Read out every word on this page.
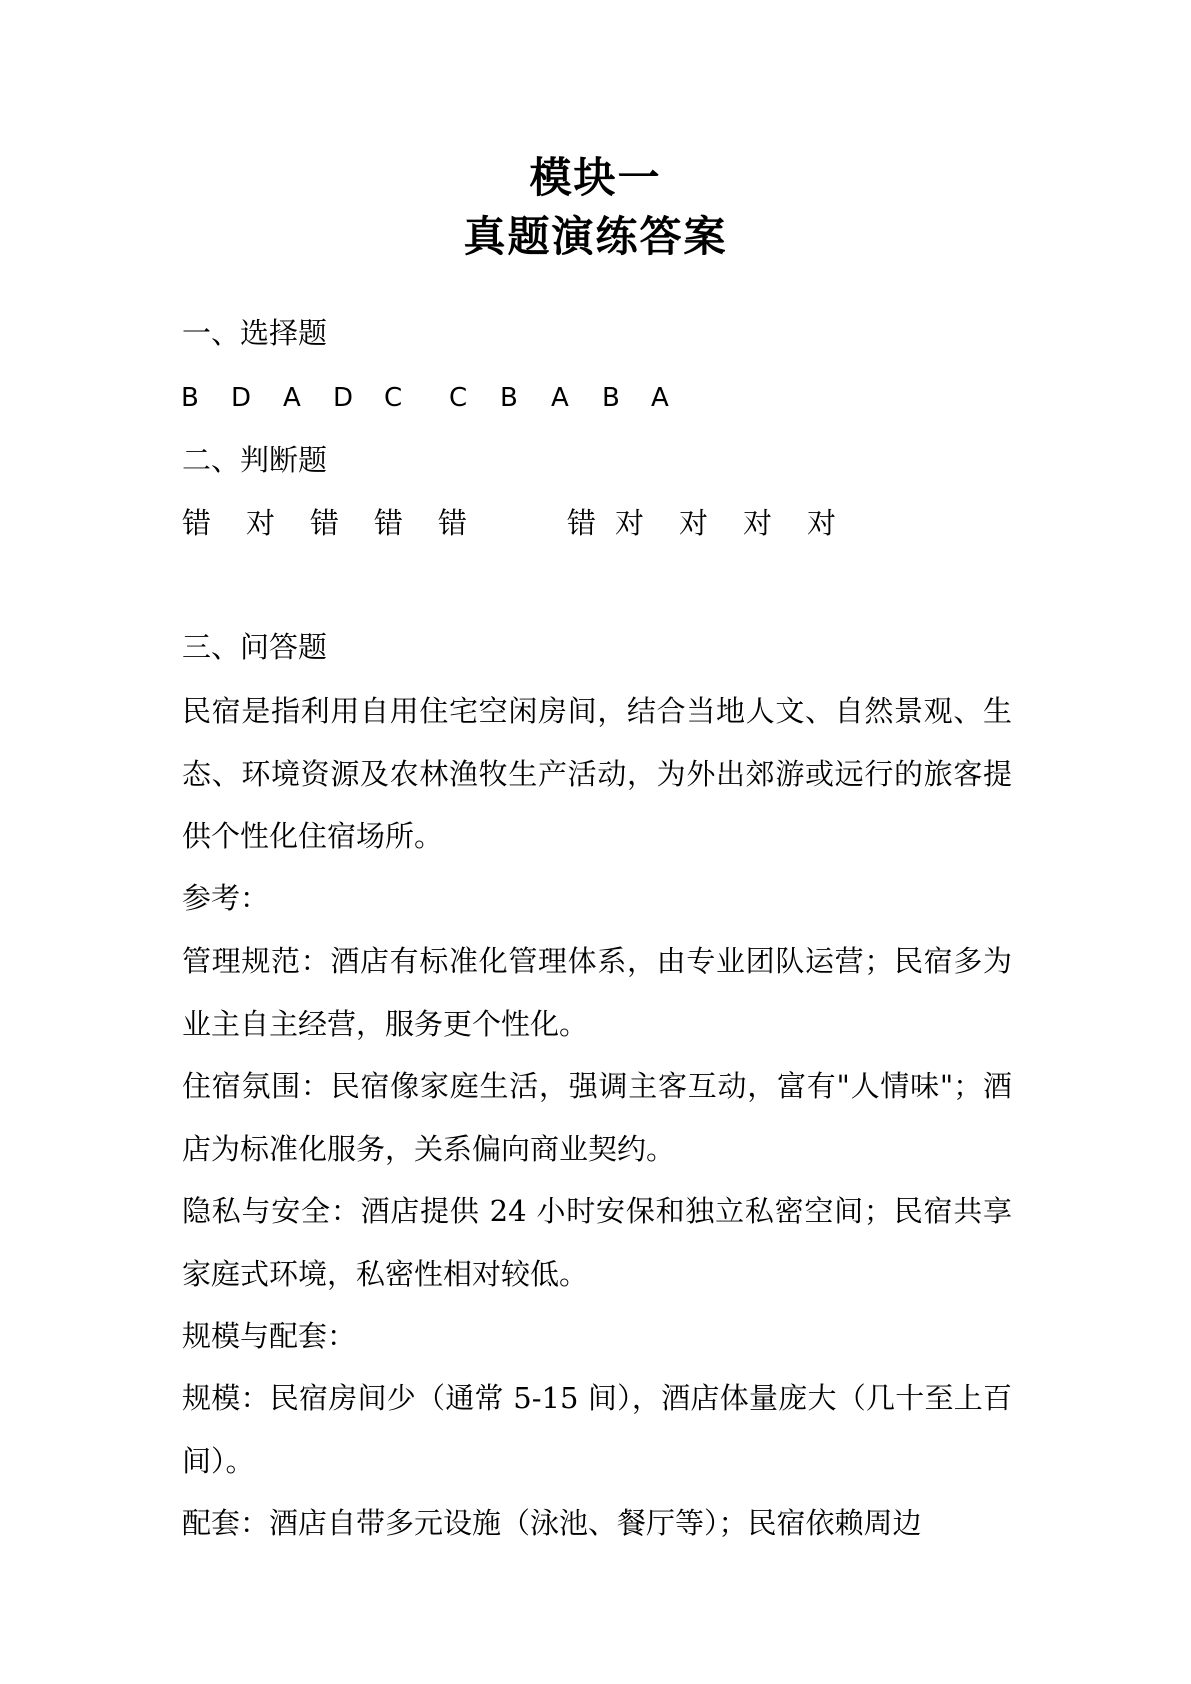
模块一
真题演练答案
一、选择题
B D A D C C B A B A
二、判断题
错 对 错 错 错	错 对 对 对 对
三、问答题
民宿是指利用自用住宅空闲房间，结合当地人文、自然景观、生态、环境资源及农林渔牧生产活动，为外出郊游或远行的旅客提供个性化住宿场所。
参考：
管理规范：酒店有标准化管理体系，由专业团队运营；民宿多为业主自主经营，服务更个性化。
住宿氛围：民宿像家庭生活，强调主客互动，富有"人情味"；酒店为标准化服务，关系偏向商业契约。
隐私与安全：酒店提供 24 小时安保和独立私密空间；民宿共享家庭式环境，私密性相对较低。
规模与配套：
规模：民宿房间少（通常 5-15 间），酒店体量庞大（几十至上百间）。
配套：酒店自带多元设施（泳池、餐厅等）；民宿依赖周边
